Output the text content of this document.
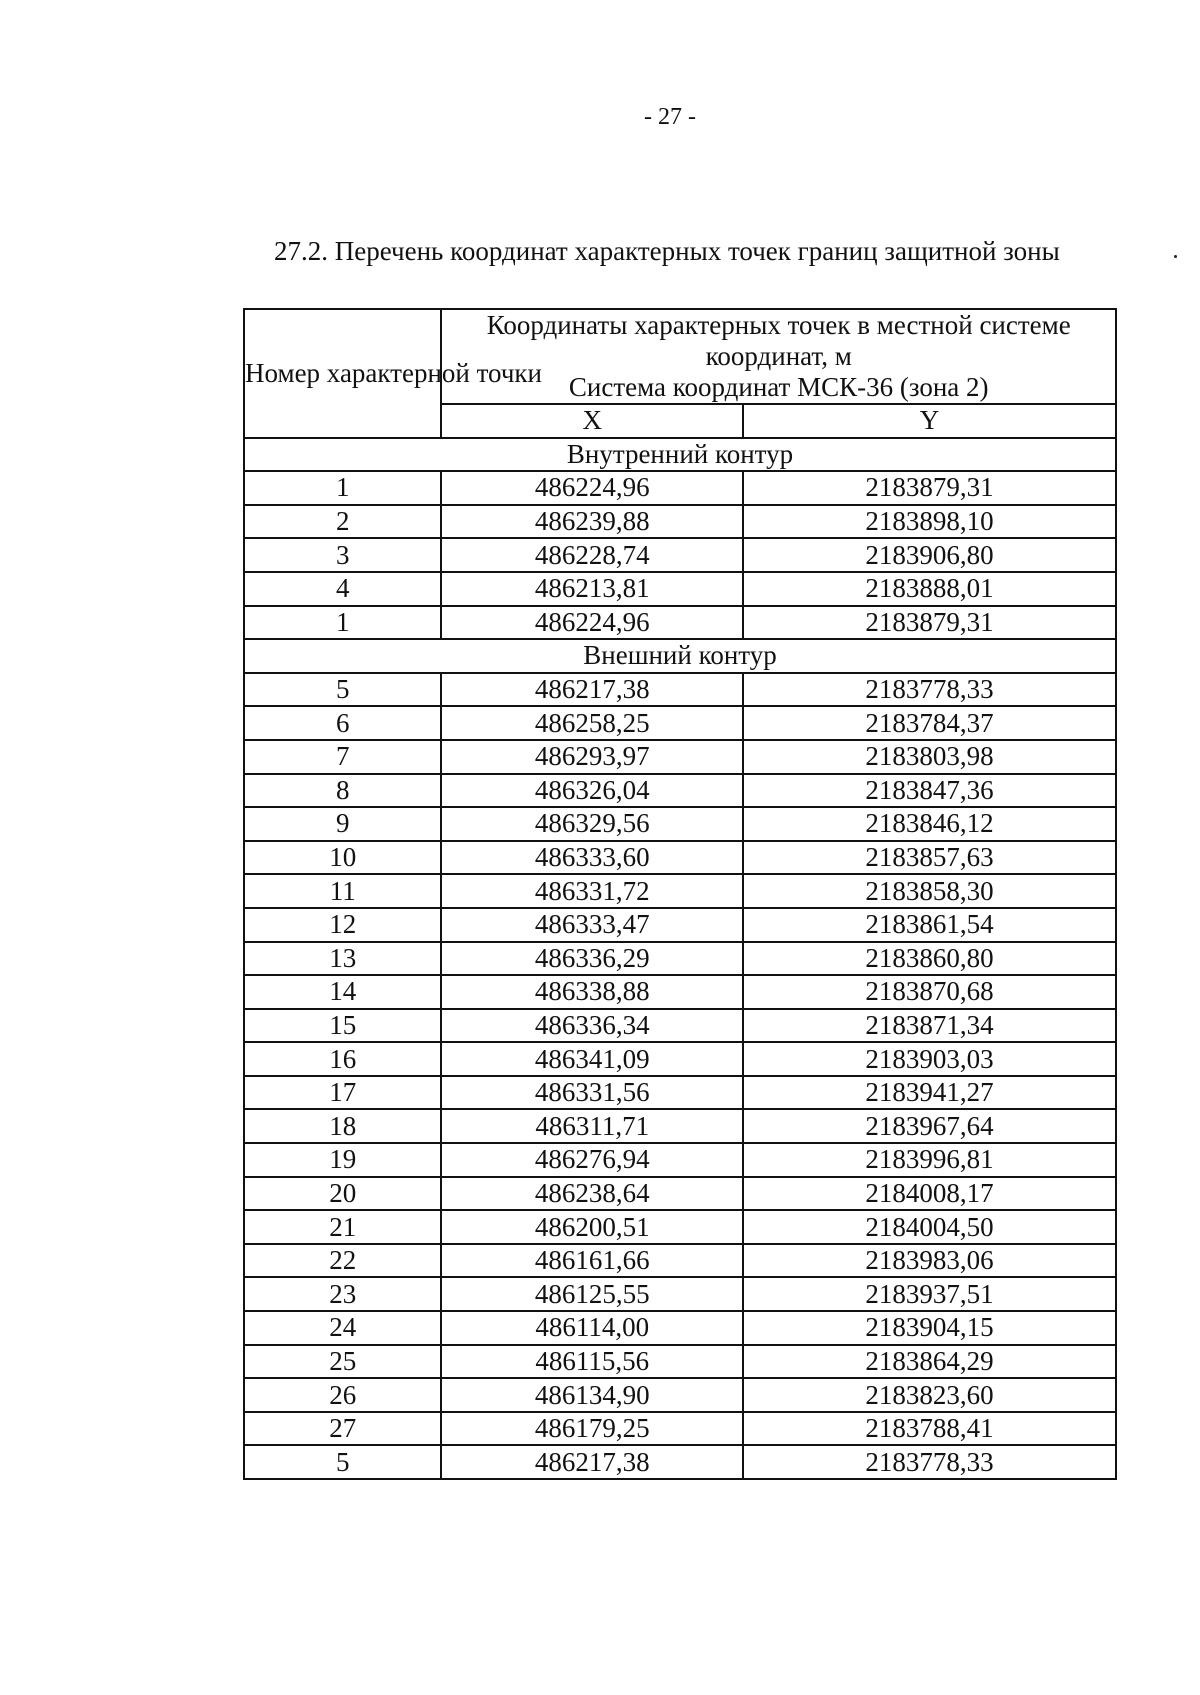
- 27 -
27.2. Перечень координат характерных точек границ защитной зоны
Номер характерной точки	Координаты характерных точек в местной системе
координат, м
Система координат МСК-36 (зона 2)	

	X	Y
Внутренний контур		
1	486224,96	2183879,31
2	486239,88	2183898,10
3	486228,74	2183906,80
4	486213,81	2183888,01
1	486224,96	2183879,31
Внешний контур		
5	486217,38	2183778,33
6	486258,25	2183784,37
7	486293,97	2183803,98
8	486326,04	2183847,36
9	486329,56	2183846,12
10	486333,60	2183857,63
11	486331,72	2183858,30
12	486333,47	2183861,54
13	486336,29	2183860,80
14	486338,88	2183870,68
15	486336,34	2183871,34
16	486341,09	2183903,03
17	486331,56	2183941,27
18	486311,71	2183967,64
19	486276,94	2183996,81
20	486238,64	2184008,17
21	486200,51	2184004,50
22	486161,66	2183983,06
23	486125,55	2183937,51
24	486114,00	2183904,15
25	486115,56	2183864,29
26	486134,90	2183823,60
27	486179,25	2183788,41
5	486217,38	2183778,33
